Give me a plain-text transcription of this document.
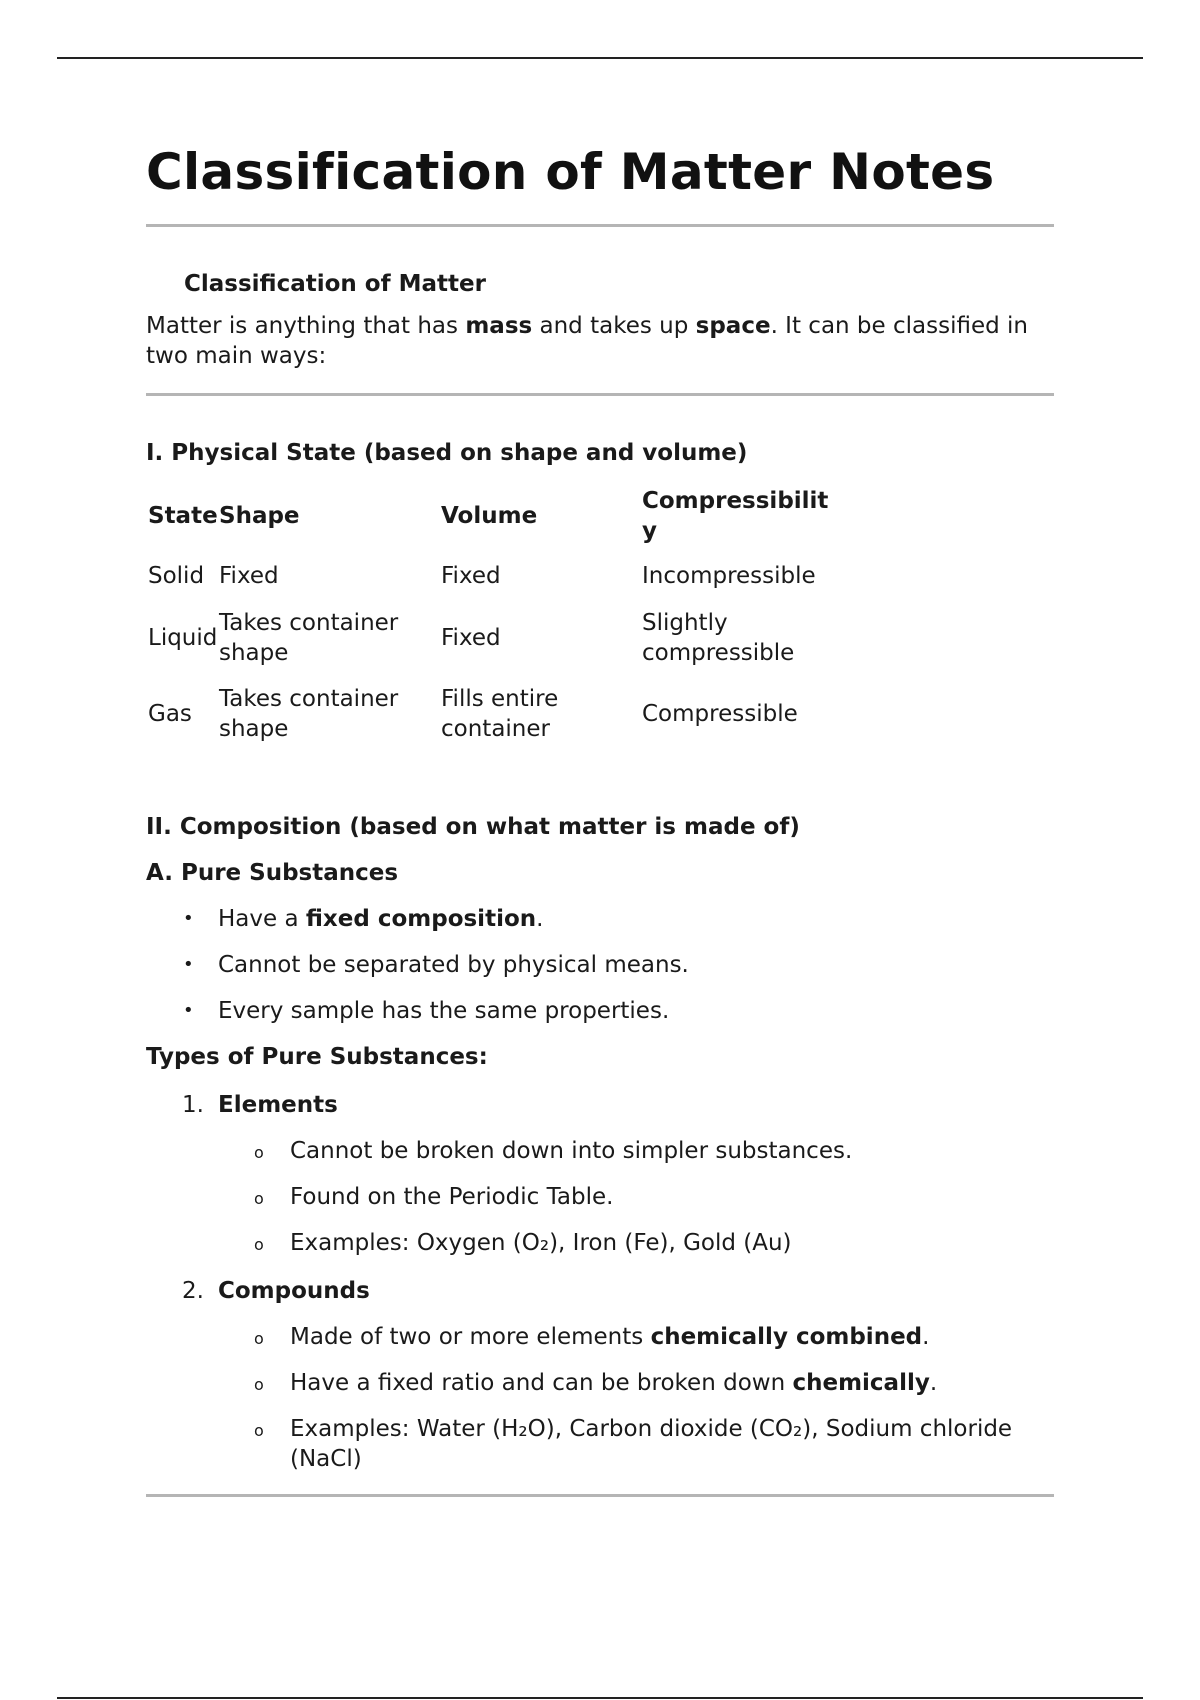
Classification of Matter Notes
Classification of Matter

Matter is anything that has mass and takes up space. It can be classified in two main ways:

I. Physical State (based on shape and volume)
State	Shape	Volume	Compressibility
Solid	Fixed	Fixed	Incompressible
Liquid	Takes container shape	Fixed	Slightly compressible
Gas	Takes container shape	Fills entire container	Compressible
II. Composition (based on what matter is made of)
A. Pure Substances
• Have a fixed composition.
• Cannot be separated by physical means.
• Every sample has the same properties.
Types of Pure Substances:
1. Elements
o Cannot be broken down into simpler substances.
o Found on the Periodic Table.
o Examples: Oxygen (O₂), Iron (Fe), Gold (Au)
2. Compounds
o Made of two or more elements chemically combined.
o Have a fixed ratio and can be broken down chemically.
o Examples: Water (H₂O), Carbon dioxide (CO₂), Sodium chloride (NaCl)
